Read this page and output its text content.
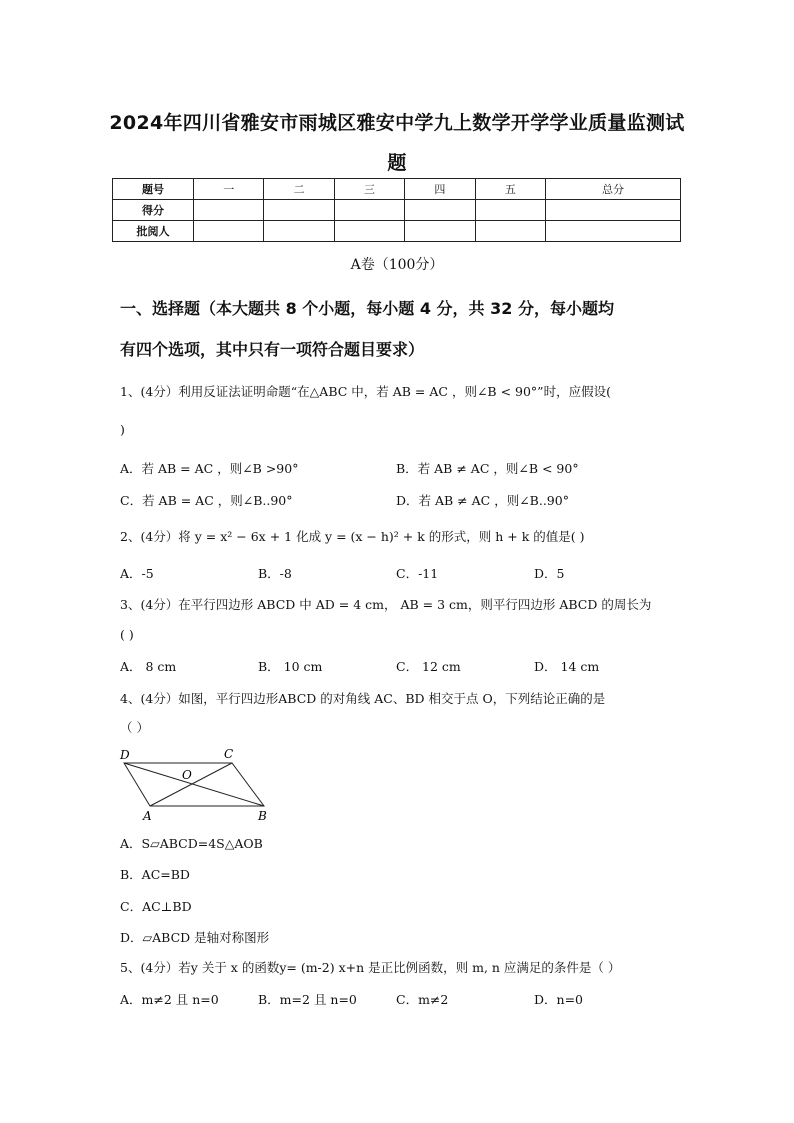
2024年四川省雅安市雨城区雅安中学九上数学开学学业质量监测试
题
题号	一	二	三	四	五	总分
得分						
批阅人						
A卷（100分）
一、选择题（本大题共 8 个小题，每小题 4 分，共 32 分，每小题均
有四个选项，其中只有一项符合题目要求）
1、(4分）利用反证法证明命题“在△ABC 中，若 AB = AC ，则∠B < 90°”时，应假设(
)
A．若 AB = AC ，则∠B >90°	B．若 AB ≠ AC ，则∠B < 90°
C．若 AB = AC ，则∠B..90°	D．若 AB ≠ AC ，则∠B..90°
2、(4分）将 y = x² − 6x + 1 化成 y = (x − h)² + k 的形式，则 h + k 的值是( )
A．-5	B．-8	C．-11	D．5
3、(4分）在平行四边形 ABCD 中 AD = 4 cm， AB = 3 cm，则平行四边形 ABCD 的周长为
( )
A． 8 cm	B． 10 cm	C． 12 cm	D． 14 cm
4、(4分）如图，平行四边形ABCD 的对角线 AC、BD 相交于点 O，下列结论正确的是
（ ）
D	C
O
A	B
A．S▱ABCD=4S△AOB
B．AC=BD
C．AC⊥BD
D．▱ABCD 是轴对称图形
5、(4分）若y 关于 x 的函数y= (m-2) x+n 是正比例函数，则 m, n 应满足的条件是（ ）
A．m≠2 且 n=0	B．m=2 且 n=0	C．m≠2	D．n=0
